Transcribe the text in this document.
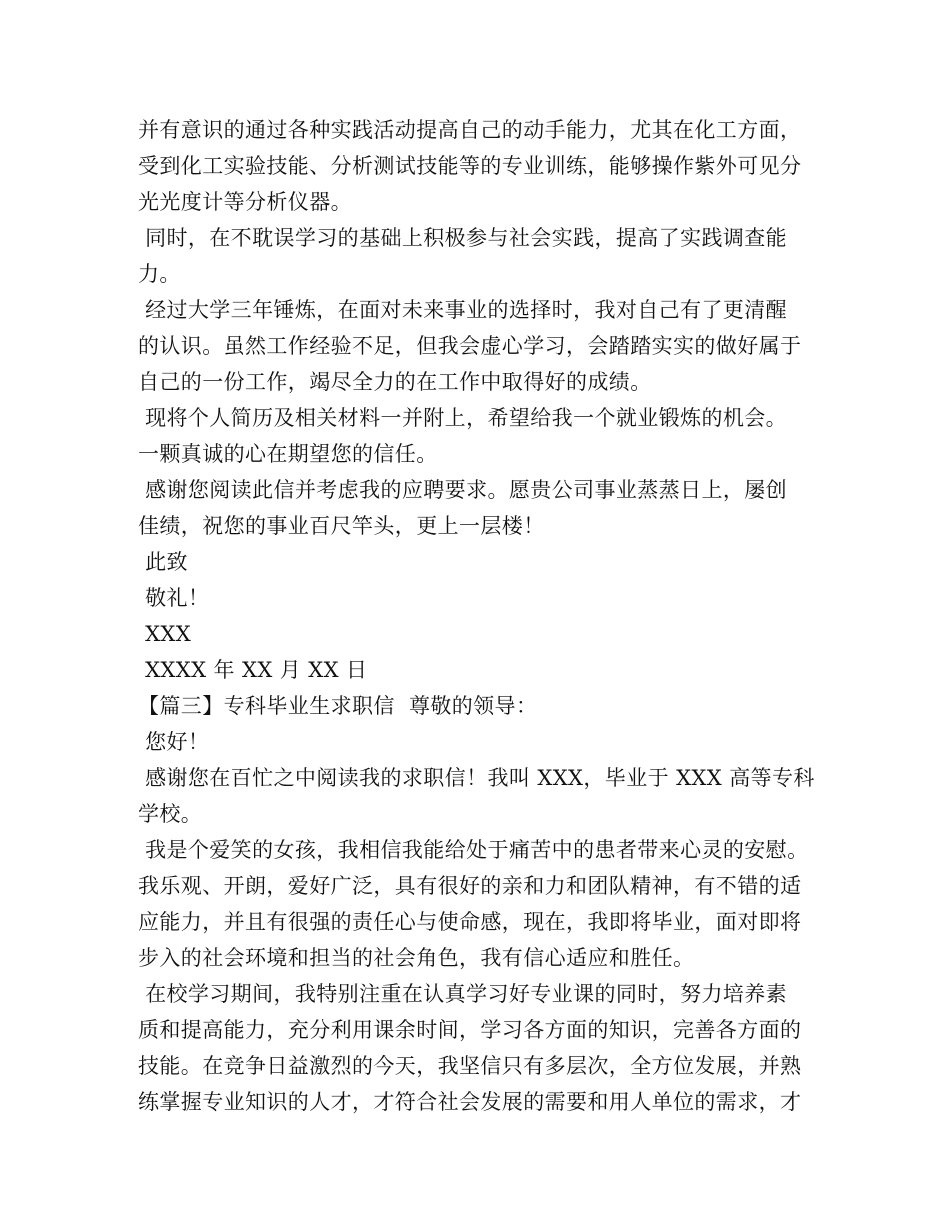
并有意识的通过各种实践活动提高自己的动手能力，尤其在化工方面，
受到化工实验技能、分析测试技能等的专业训练，能够操作紫外可见分
光光度计等分析仪器。
同时，在不耽误学习的基础上积极参与社会实践，提高了实践调查能
力。
经过大学三年锤炼，在面对未来事业的选择时，我对自己有了更清醒
的认识。虽然工作经验不足，但我会虚心学习，会踏踏实实的做好属于
自己的一份工作，竭尽全力的在工作中取得好的成绩。
现将个人简历及相关材料一并附上，希望给我一个就业锻炼的机会。
一颗真诚的心在期望您的信任。
感谢您阅读此信并考虑我的应聘要求。愿贵公司事业蒸蒸日上，屡创
佳绩，祝您的事业百尺竿头，更上一层楼！
此致
敬礼！
XXX
XXXX 年 XX 月 XX 日
【篇三】专科毕业生求职信  尊敬的领导：
您好！
感谢您在百忙之中阅读我的求职信！我叫 XXX，毕业于 XXX 高等专科
学校。
我是个爱笑的女孩，我相信我能给处于痛苦中的患者带来心灵的安慰。
我乐观、开朗，爱好广泛，具有很好的亲和力和团队精神，有不错的适
应能力，并且有很强的责任心与使命感，现在，我即将毕业，面对即将
步入的社会环境和担当的社会角色，我有信心适应和胜任。
在校学习期间，我特别注重在认真学习好专业课的同时，努力培养素
质和提高能力，充分利用课余时间，学习各方面的知识，完善各方面的
技能。在竞争日益激烈的今天，我坚信只有多层次，全方位发展，并熟
练掌握专业知识的人才，才符合社会发展的需要和用人单位的需求，才
